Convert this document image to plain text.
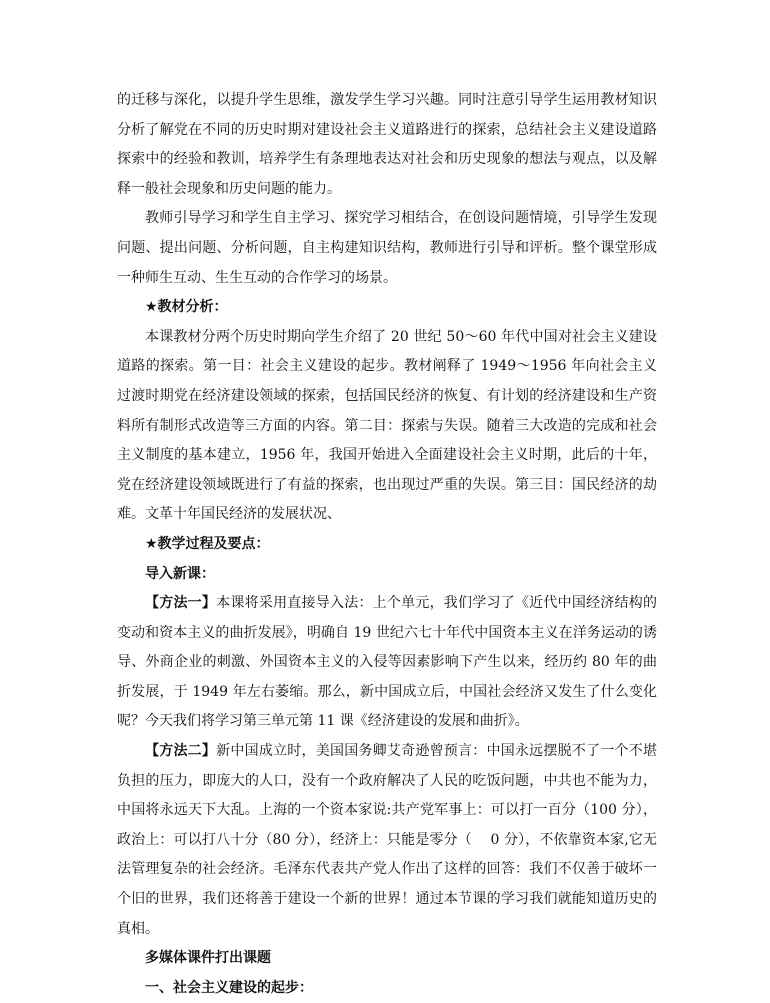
的迁移与深化，以提升学生思维，激发学生学习兴趣。同时注意引导学生运用教材知识分析了解党在不同的历史时期对建设社会主义道路进行的探索，总结社会主义建设道路探索中的经验和教训，培养学生有条理地表达对社会和历史现象的想法与观点，以及解释一般社会现象和历史问题的能力。

教师引导学习和学生自主学习、探究学习相结合，在创设问题情境，引导学生发现问题、提出问题、分析问题，自主构建知识结构，教师进行引导和评析。整个课堂形成一种师生互动、生生互动的合作学习的场景。

★教材分析：

本课教材分两个历史时期向学生介绍了 20 世纪 50～60 年代中国对社会主义建设道路的探索。第一目：社会主义建设的起步。教材阐释了 1949～1956 年向社会主义过渡时期党在经济建设领域的探索，包括国民经济的恢复、有计划的经济建设和生产资料所有制形式改造等三方面的内容。第二目：探索与失误。随着三大改造的完成和社会主义制度的基本建立，1956 年，我国开始进入全面建设社会主义时期，此后的十年，党在经济建设领域既进行了有益的探索，也出现过严重的失误。第三目：国民经济的劫难。文革十年国民经济的发展状况、

★教学过程及要点：

导入新课：

【方法一】本课将采用直接导入法：上个单元，我们学习了《近代中国经济结构的变动和资本主义的曲折发展》，明确自 19 世纪六七十年代中国资本主义在洋务运动的诱导、外商企业的刺激、外国资本主义的入侵等因素影响下产生以来，经历约 80 年的曲折发展，于 1949 年左右萎缩。那么，新中国成立后，中国社会经济又发生了什么变化呢？今天我们将学习第三单元第 11 课《经济建设的发展和曲折》。

【方法二】新中国成立时，美国国务卿艾奇逊曾预言：中国永远摆脱不了一个不堪负担的压力，即庞大的人口，没有一个政府解决了人民的吃饭问题，中共也不能为力，中国将永远天下大乱。上海的一个资本家说:共产党军事上：可以打一百分（100 分），政治上：可以打八十分（80 分），经济上：只能是零分（　 0 分），不依靠资本家,它无法管理复杂的社会经济。毛泽东代表共产党人作出了这样的回答：我们不仅善于破坏一个旧的世界，我们还将善于建设一个新的世界！通过本节课的学习我们就能知道历史的真相。

多媒体课件打出课题

一、社会主义建设的起步：
